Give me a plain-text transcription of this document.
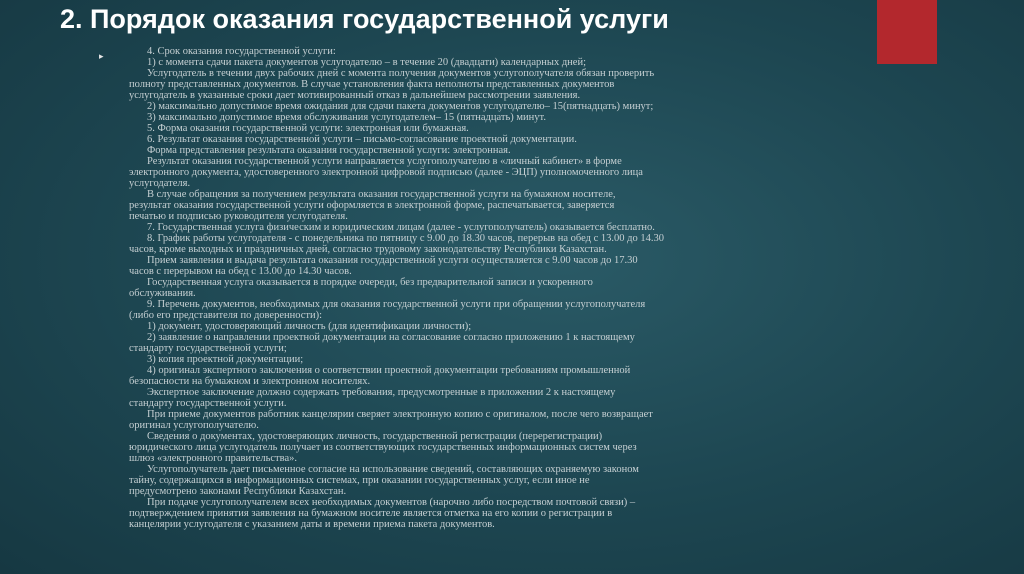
2. Порядок оказания государственной услуги
▸	4. Срок оказания государственной услуги:
1) с момента сдачи пакета документов услугодателю – в течение 20 (двадцати) календарных дней;
Услугодатель в течении двух рабочих дней с момента получения документов услугополучателя обязан проверить
полноту представленных документов. В случае установления факта неполноты представленных документов
услугодатель в указанные сроки дает мотивированный отказ в дальнейшем рассмотрении заявления.
2) максимально допустимое время ожидания для сдачи пакета документов услугодателю– 15(пятнадцать) минут;
3) максимально допустимое время обслуживания услугодателем– 15 (пятнадцать) минут.
5. Форма оказания государственной услуги: электронная или бумажная.
6. Результат оказания государственной услуги – письмо-согласование проектной документации.
Форма представления результата оказания государственной услуги: электронная.
Результат оказания государственной услуги направляется услугополучателю в «личный кабинет» в форме
электронного документа, удостоверенного электронной цифровой подписью (далее - ЭЦП) уполномоченного лица
услугодателя.
В случае обращения за получением результата оказания государственной услуги на бумажном носителе,
результат оказания государственной услуги оформляется в электронной форме, распечатывается, заверяется
печатью и подписью руководителя услугодателя.
7. Государственная услуга физическим и юридическим лицам (далее - услугополучатель) оказывается бесплатно.
8. График работы услугодателя - с понедельника по пятницу с 9.00 до 18.30 часов, перерыв на обед с 13.00 до 14.30
часов, кроме выходных и праздничных дней, согласно трудовому законодательству Республики Казахстан.
Прием заявления и выдача результата оказания государственной услуги осуществляется с 9.00 часов до 17.30
часов с перерывом на обед с 13.00 до 14.30 часов.
Государственная услуга оказывается в порядке очереди, без предварительной записи и ускоренного
обслуживания.
9. Перечень документов, необходимых для оказания государственной услуги при обращении услугополучателя
(либо его представителя по доверенности):
1) документ, удостоверяющий личность (для идентификации личности);
2) заявление о направлении проектной документации на согласование согласно приложению 1 к настоящему
стандарту государственной услуги;
3) копия проектной документации;
4) оригинал экспертного заключения о соответствии проектной документации требованиям промышленной
безопасности на бумажном и электронном носителях.
Экспертное заключение должно содержать требования, предусмотренные в приложении 2 к настоящему
стандарту государственной услуги.
При приеме документов работник канцелярии сверяет электронную копию с оригиналом, после чего возвращает
оригинал услугополучателю.
Сведения о документах, удостоверяющих личность, государственной регистрации (перерегистрации)
юридического лица услугодатель получает из соответствующих государственных информационных систем через
шлюз «электронного правительства».
Услугополучатель дает письменное согласие на использование сведений, составляющих охраняемую законом
тайну, содержащихся в информационных системах, при оказании государственных услуг, если иное не
предусмотрено законами Республики Казахстан.
При подаче услугополучателем всех необходимых документов (нарочно либо посредством почтовой связи) –
подтверждением принятия заявления на бумажном носителе является отметка на его копии о регистрации в
канцелярии услугодателя с указанием даты и времени приема пакета документов.
